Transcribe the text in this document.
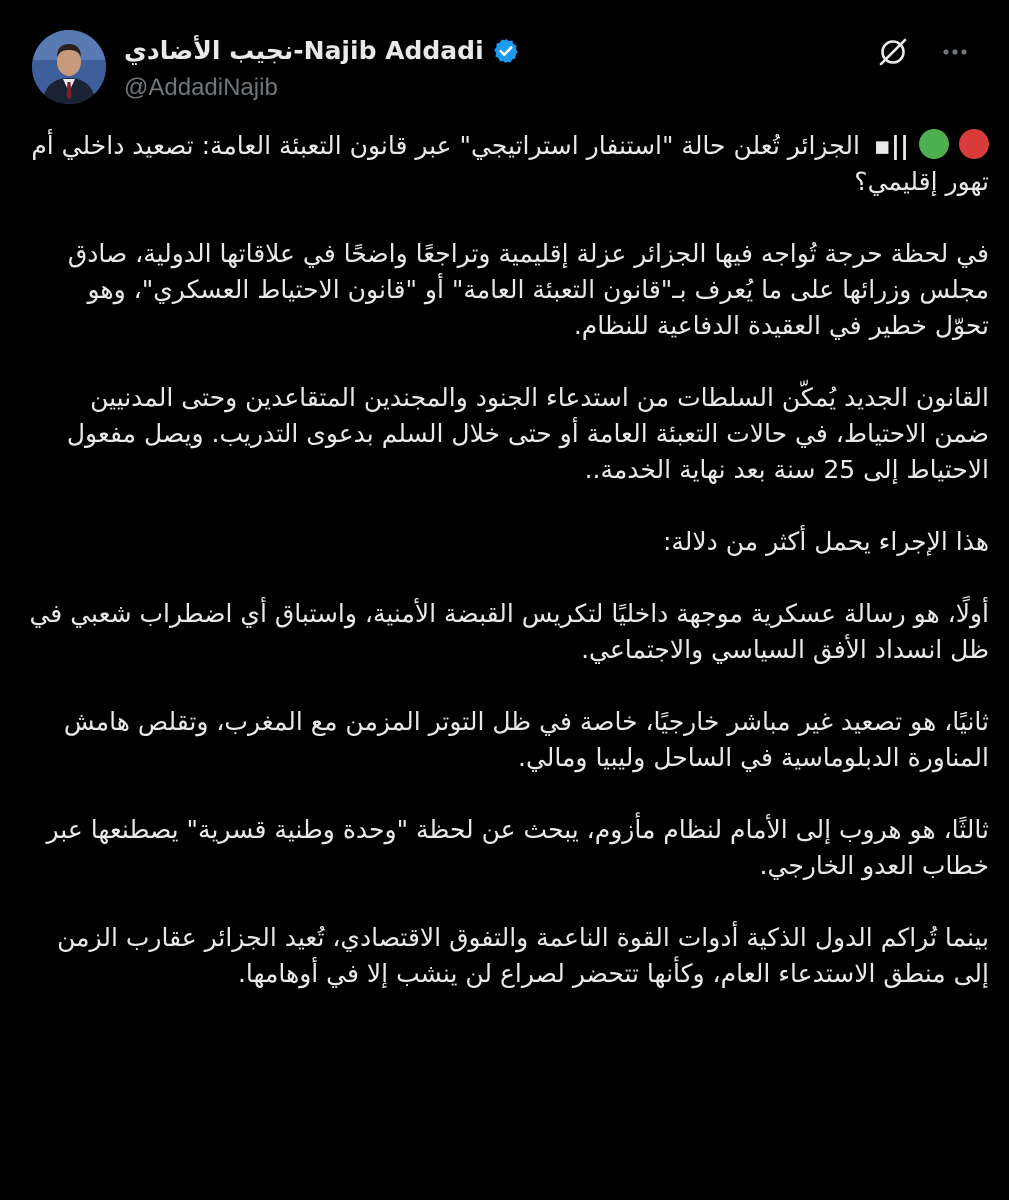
نجيب الأضادي-Najib Addadi
@AddadiNajib

||▪ الجزائر تُعلن حالة "استنفار استراتيجي" عبر قانون التعبئة العامة: تصعيد داخلي أم تهور إقليمي؟

في لحظة حرجة تُواجه فيها الجزائر عزلة إقليمية وتراجعًا واضحًا في علاقاتها الدولية، صادق مجلس وزرائها على ما يُعرف بـ"قانون التعبئة العامة" أو "قانون الاحتياط العسكري"، وهو تحوّل خطير في العقيدة الدفاعية للنظام.

القانون الجديد يُمكّن السلطات من استدعاء الجنود والمجندين المتقاعدين وحتى المدنيين ضمن الاحتياط، في حالات التعبئة العامة أو حتى خلال السلم بدعوى التدريب. ويصل مفعول الاحتياط إلى 25 سنة بعد نهاية الخدمة..

هذا الإجراء يحمل أكثر من دلالة:

أولًا، هو رسالة عسكرية موجهة داخليًا لتكريس القبضة الأمنية، واستباق أي اضطراب شعبي في ظل انسداد الأفق السياسي والاجتماعي.

ثانيًا، هو تصعيد غير مباشر خارجيًا، خاصة في ظل التوتر المزمن مع المغرب، وتقلص هامش المناورة الدبلوماسية في الساحل وليبيا ومالي.

ثالثًا، هو هروب إلى الأمام لنظام مأزوم، يبحث عن لحظة "وحدة وطنية قسرية" يصطنعها عبر خطاب العدو الخارجي.

بينما تُراكم الدول الذكية أدوات القوة الناعمة والتفوق الاقتصادي، تُعيد الجزائر عقارب الزمن إلى منطق الاستدعاء العام، وكأنها تتحضر لصراع لن ينشب إلا في أوهامها.
